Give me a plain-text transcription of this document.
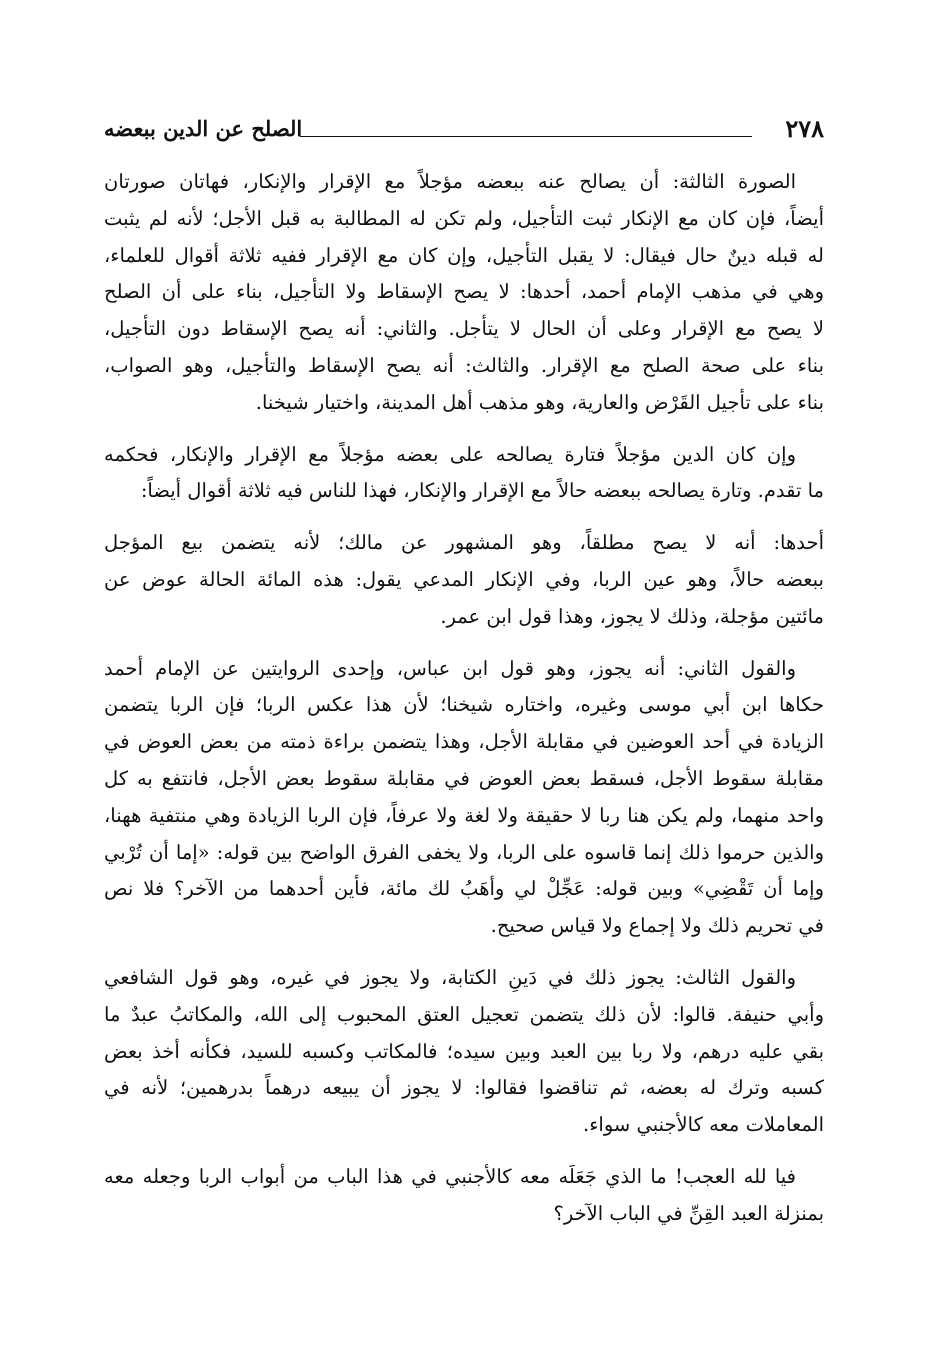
٢٧٨
الصلح عن الدين ببعضه
الصورة الثالثة: أن يصالح عنه ببعضه مؤجلاً مع الإقرار والإنكار، فهاتان صورتان
أيضاً، فإن كان مع الإنكار ثبت التأجيل، ولم تكن له المطالبة به قبل الأجل؛ لأنه لم يثبت
له قبله دينٌ حال فيقال: لا يقبل التأجيل، وإن كان مع الإقرار ففيه ثلاثة أقوال للعلماء،
وهي في مذهب الإمام أحمد، أحدها: لا يصح الإسقاط ولا التأجيل، بناء على أن الصلح
لا يصح مع الإقرار وعلى أن الحال لا يتأجل. والثاني: أنه يصح الإسقاط دون التأجيل،
بناء على صحة الصلح مع الإقرار. والثالث: أنه يصح الإسقاط والتأجيل، وهو الصواب،
بناء على تأجيل القَرْض والعارية، وهو مذهب أهل المدينة، واختيار شيخنا.
وإن كان الدين مؤجلاً فتارة يصالحه على بعضه مؤجلاً مع الإقرار والإنكار، فحكمه
ما تقدم. وتارة يصالحه ببعضه حالاً مع الإقرار والإنكار، فهذا للناس فيه ثلاثة أقوال أيضاً:
أحدها: أنه لا يصح مطلقاً، وهو المشهور عن مالك؛ لأنه يتضمن بيع المؤجل
ببعضه حالاً، وهو عين الربا، وفي الإنكار المدعي يقول: هذه المائة الحالة عوض عن
مائتين مؤجلة، وذلك لا يجوز، وهذا قول ابن عمر.
والقول الثاني: أنه يجوز، وهو قول ابن عباس، وإحدى الروايتين عن الإمام أحمد
حكاها ابن أبي موسى وغيره، واختاره شيخنا؛ لأن هذا عكس الربا؛ فإن الربا يتضمن
الزيادة في أحد العوضين في مقابلة الأجل، وهذا يتضمن براءة ذمته من بعض العوض في
مقابلة سقوط الأجل، فسقط بعض العوض في مقابلة سقوط بعض الأجل، فانتفع به كل
واحد منهما، ولم يكن هنا ربا لا حقيقة ولا لغة ولا عرفاً، فإن الربا الزيادة وهي منتفية ههنا،
والذين حرموا ذلك إنما قاسوه على الربا، ولا يخفى الفرق الواضح بين قوله: «إما أن تُرْبي
وإما أن تَقْضِي» وبين قوله: عَجِّلْ لي وأهَبُ لك مائة، فأين أحدهما من الآخر؟ فلا نص
في تحريم ذلك ولا إجماع ولا قياس صحيح.
والقول الثالث: يجوز ذلك في دَينِ الكتابة، ولا يجوز في غيره، وهو قول الشافعي
وأبي حنيفة. قالوا: لأن ذلك يتضمن تعجيل العتق المحبوب إلى الله، والمكاتبُ عبدٌ ما
بقي عليه درهم، ولا ربا بين العبد وبين سيده؛ فالمكاتب وكسبه للسيد، فكأنه أخذ بعض
كسبه وترك له بعضه، ثم تناقضوا فقالوا: لا يجوز أن يبيعه درهماً بدرهمين؛ لأنه في
المعاملات معه كالأجنبي سواء.
فيا لله العجب! ما الذي جَعَلَه معه كالأجنبي في هذا الباب من أبواب الربا وجعله معه
بمنزلة العبد القِنِّ في الباب الآخر؟
